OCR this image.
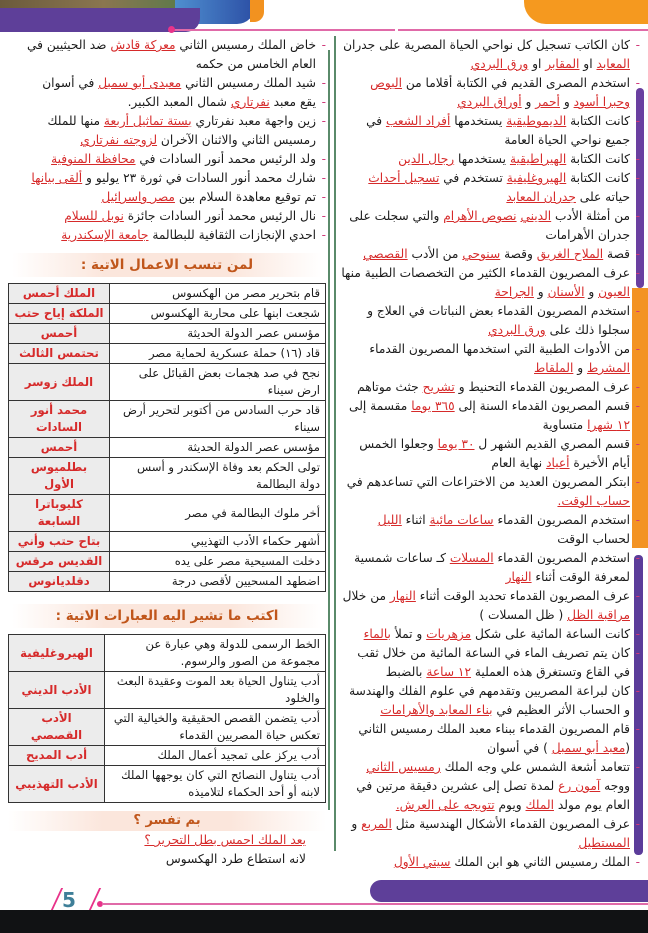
- كان الكاتب تسجيل كل نواحي الحياة المصرية على جدران المعابد او المقابر او ورق البردي
- استخدم المصرى القديم في الكتابة أقلاما من البوص وحبرا أسود و أحمر و أوراق البردي
- كانت الكتابة الديموطيقية يستخدمها أفراد الشعب في جميع نواحي الحياة العامة
- كانت الكتابة الهيراطيقية يستخدمها رجال الدين
- كانت الكتابة الهيروغليفية تستخدم في تسجيل أحداث حياته على جدران المعابد
- من أمثلة الأدب الديني نصوص الأهرام والتي سجلت على جدران الأهرامات
- قصة الملاح الغريق وقصة سنوحي من الأدب القصصي
- عرف المصريون القدماء الكثير من التخصصات الطبية منها العيون و الأسنان و الجراحة
- استخدم المصريون القدماء بعض النباتات في العلاج و سجلوا ذلك على ورق البردي
- من الأدوات الطبية التي استخدمها المصريون القدماء المشرط و الملقاط
- عرف المصريون القدماء التحنيط و تشريح جثث موتاهم
- قسم المصريون القدماء السنة إلى ٣٦٥ يوما مقسمة إلى ١٢ شهرا متساوية
- قسم المصري القديم الشهر ل ٣٠ يوما وجعلوا الخمس أيام الأخيرة أعياد نهاية العام
- ابتكر المصريون العديد من الاختراعات التي تساعدهم في حساب الوقت.
- استخدم المصريون القدماء ساعات مائية اثناء الليل لحساب الوقت
- استخدم المصريون القدماء المسلات كـ ساعات شمسية لمعرفة الوقت أثناء النهار
- عرف المصريون القدماء تحديد الوقت أثناء النهار من خلال مراقبة الظل ( ظل المسلات )
- كانت الساعة المائية على شكل مزهريات و تملأ بالماء
- كان يتم تصريف الماء في الساعة المائية من خلال ثقب في القاع وتستغرق هذه العملية ١٢ ساعة بالضبط
- كان لبراعة المصريين وتقدمهم في علوم الفلك والهندسة و الحساب الأثر العظيم في بناء المعابد والأهرامات
- قام المصريون القدماء ببناء معبد الملك رمسيس الثاني (معبد أبو سمبل ) في أسوان
- تتعامد أشعة الشمس علي وجه الملك رمسيس الثاني ووجه آمون رع لمدة تصل إلى عشرين دقيقة مرتين في العام يوم مولد الملك ويوم تتويجه على العرش.
- عرف المصريون القدماء الأشكال الهندسية مثل المربع و المستطيل
- الملك رمسيس الثاني هو ابن الملك سيتي الأول
- خاض الملك رمسيس الثاني معركة قادش ضد الحيثيين في العام الخامس من حكمه
- شيد الملك رمسيس الثاني معبدى أبو سمبل في أسوان
- يقع معبد نفرتاري شمال المعبد الكبير.
- زين واجهة معبد نفرتاري بستة تماثيل أربعة منها للملك رمسيس الثاني والاثنان الآخران لزوجته نفرتاري
- ولد الرئيس محمد أنور السادات في محافظة المنوفية
- شارك محمد أنور السادات في ثورة ٢٣ يوليو و ألقى بيانها
- تم توقيع معاهدة السلام بين مصر واسرائيل
- نال الرئيس محمد أنور السادات جائزة نوبل للسلام
- احدي الإنجازات الثقافية للبطالمة جامعة الإسكندرية
لمن تنسب الاعمال الاتية :
قام بتحرير مصر من الهكسوس	الملك أحمس
شجعت ابنها على محاربة الهكسوس	الملكة إياح حتب
مؤسس عصر الدولة الحديثة	أحمس
قاد (١٦) حملة عسكرية لحماية مصر	تحتمس الثالث
نجح في صد هجمات بعض القبائل على ارض سيناء	الملك زوسر
قاد حرب السادس من أكتوبر لتحرير أرض سيناء	محمد أنور السادات
مؤسس عصر الدولة الحديثة	أحمس
تولى الحكم بعد وفاة الإسكندر و أسس دولة البطالمة	بطلميوس الأول
أخر ملوك البطالمة في مصر	كليوباترا السابعة
أشهر حكماء الأدب التهذيبي	بتاح حتب وأني
دخلت المسيحية مصر على يده	القديس مرقس
اضطهد المسحيين لأقصى درجة	دقلديانوس
اكتب ما تشير اليه العبارات الاتية :
الخط الرسمى للدولة وهي عبارة عن مجموعة من الصور والرسوم.	الهيروغليفية
أدب يتناول الحياة بعد الموت وعقيدة البعث والخلود	الأدب الديني
أدب يتضمن القصص الحقيقية والخيالية التي تعكس حياة المصريين القدماء	الأدب القصصي
أدب يركز على تمجيد أعمال الملك	أدب المديح
أدب يتناول النصائح التي كان يوجهها الملك لابنه أو أحد الحكماء لتلاميذه	الأدب التهذيبي
بم تفسر ؟
يعد الملك احمس بطل التحرير ؟
لانه استطاع طرد الهكسوس
5
